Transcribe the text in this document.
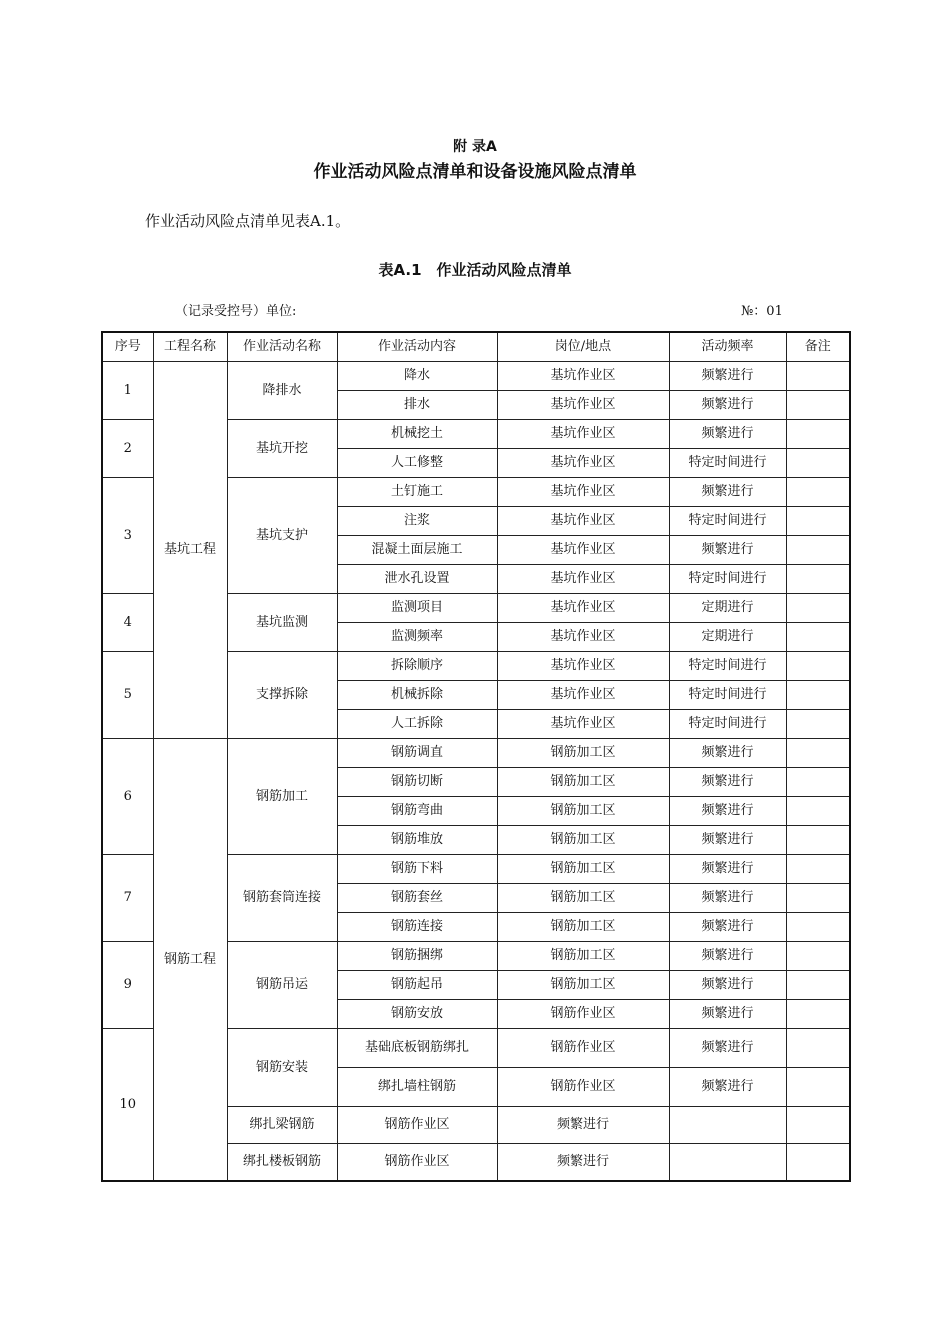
附 录A
作业活动风险点清单和设备设施风险点清单
作业活动风险点清单见表A.1。
表A.1　作业活动风险点清单
（记录受控号）单位:	№：01
序号	工程名称	作业活动名称	作业活动内容	岗位/地点	活动频率	备注
1	基坑工程	降排水	降水	基坑作业区	频繁进行	
			排水	基坑作业区	频繁进行	
2		基坑开挖	机械挖土	基坑作业区	频繁进行	
			人工修整	基坑作业区	特定时间进行	
3		基坑支护	土钉施工	基坑作业区	频繁进行	
			注浆	基坑作业区	特定时间进行	
			混凝土面层施工	基坑作业区	频繁进行	
			泄水孔设置	基坑作业区	特定时间进行	
4		基坑监测	监测项目	基坑作业区	定期进行	
			监测频率	基坑作业区	定期进行	
5		支撑拆除	拆除顺序	基坑作业区	特定时间进行	
			机械拆除	基坑作业区	特定时间进行	
			人工拆除	基坑作业区	特定时间进行	
6	钢筋工程	钢筋加工	钢筋调直	钢筋加工区	频繁进行	
			钢筋切断	钢筋加工区	频繁进行	
			钢筋弯曲	钢筋加工区	频繁进行	
			钢筋堆放	钢筋加工区	频繁进行	
7		钢筋套筒连接	钢筋下料	钢筋加工区	频繁进行	
			钢筋套丝	钢筋加工区	频繁进行	
			钢筋连接	钢筋加工区	频繁进行	
9		钢筋吊运	钢筋捆绑	钢筋加工区	频繁进行	
			钢筋起吊	钢筋加工区	频繁进行	
			钢筋安放	钢筋作业区	频繁进行	
10		钢筋安装	基础底板钢筋绑扎	钢筋作业区	频繁进行	
			绑扎墙柱钢筋	钢筋作业区	频繁进行	
		绑扎梁钢筋	钢筋作业区	频繁进行		
		绑扎楼板钢筋	钢筋作业区	频繁进行		
